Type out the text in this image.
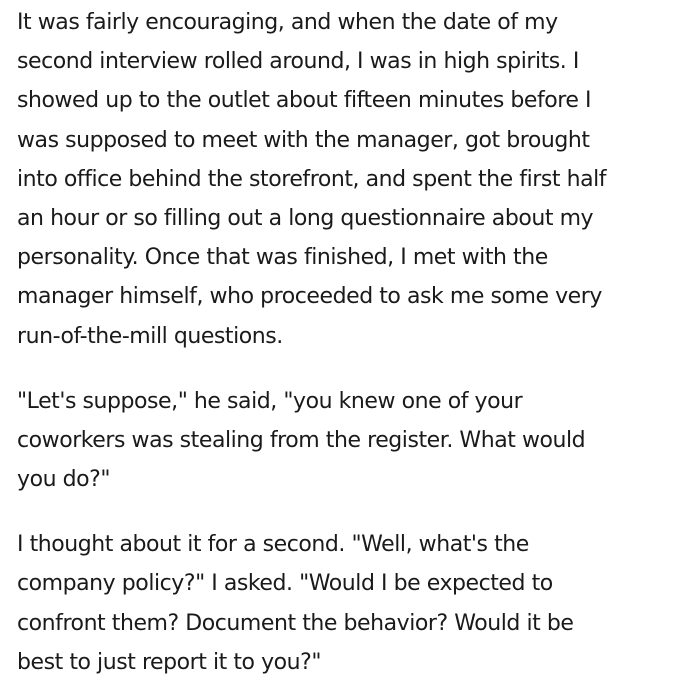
It was fairly encouraging, and when the date of my
second interview rolled around, I was in high spirits. I
showed up to the outlet about fifteen minutes before I
was supposed to meet with the manager, got brought
into office behind the storefront, and spent the first half
an hour or so filling out a long questionnaire about my
personality. Once that was finished, I met with the
manager himself, who proceeded to ask me some very
run-of-the-mill questions.

"Let's suppose," he said, "you knew one of your
coworkers was stealing from the register. What would
you do?"

I thought about it for a second. "Well, what's the
company policy?" I asked. "Would I be expected to
confront them? Document the behavior? Would it be
best to just report it to you?"
